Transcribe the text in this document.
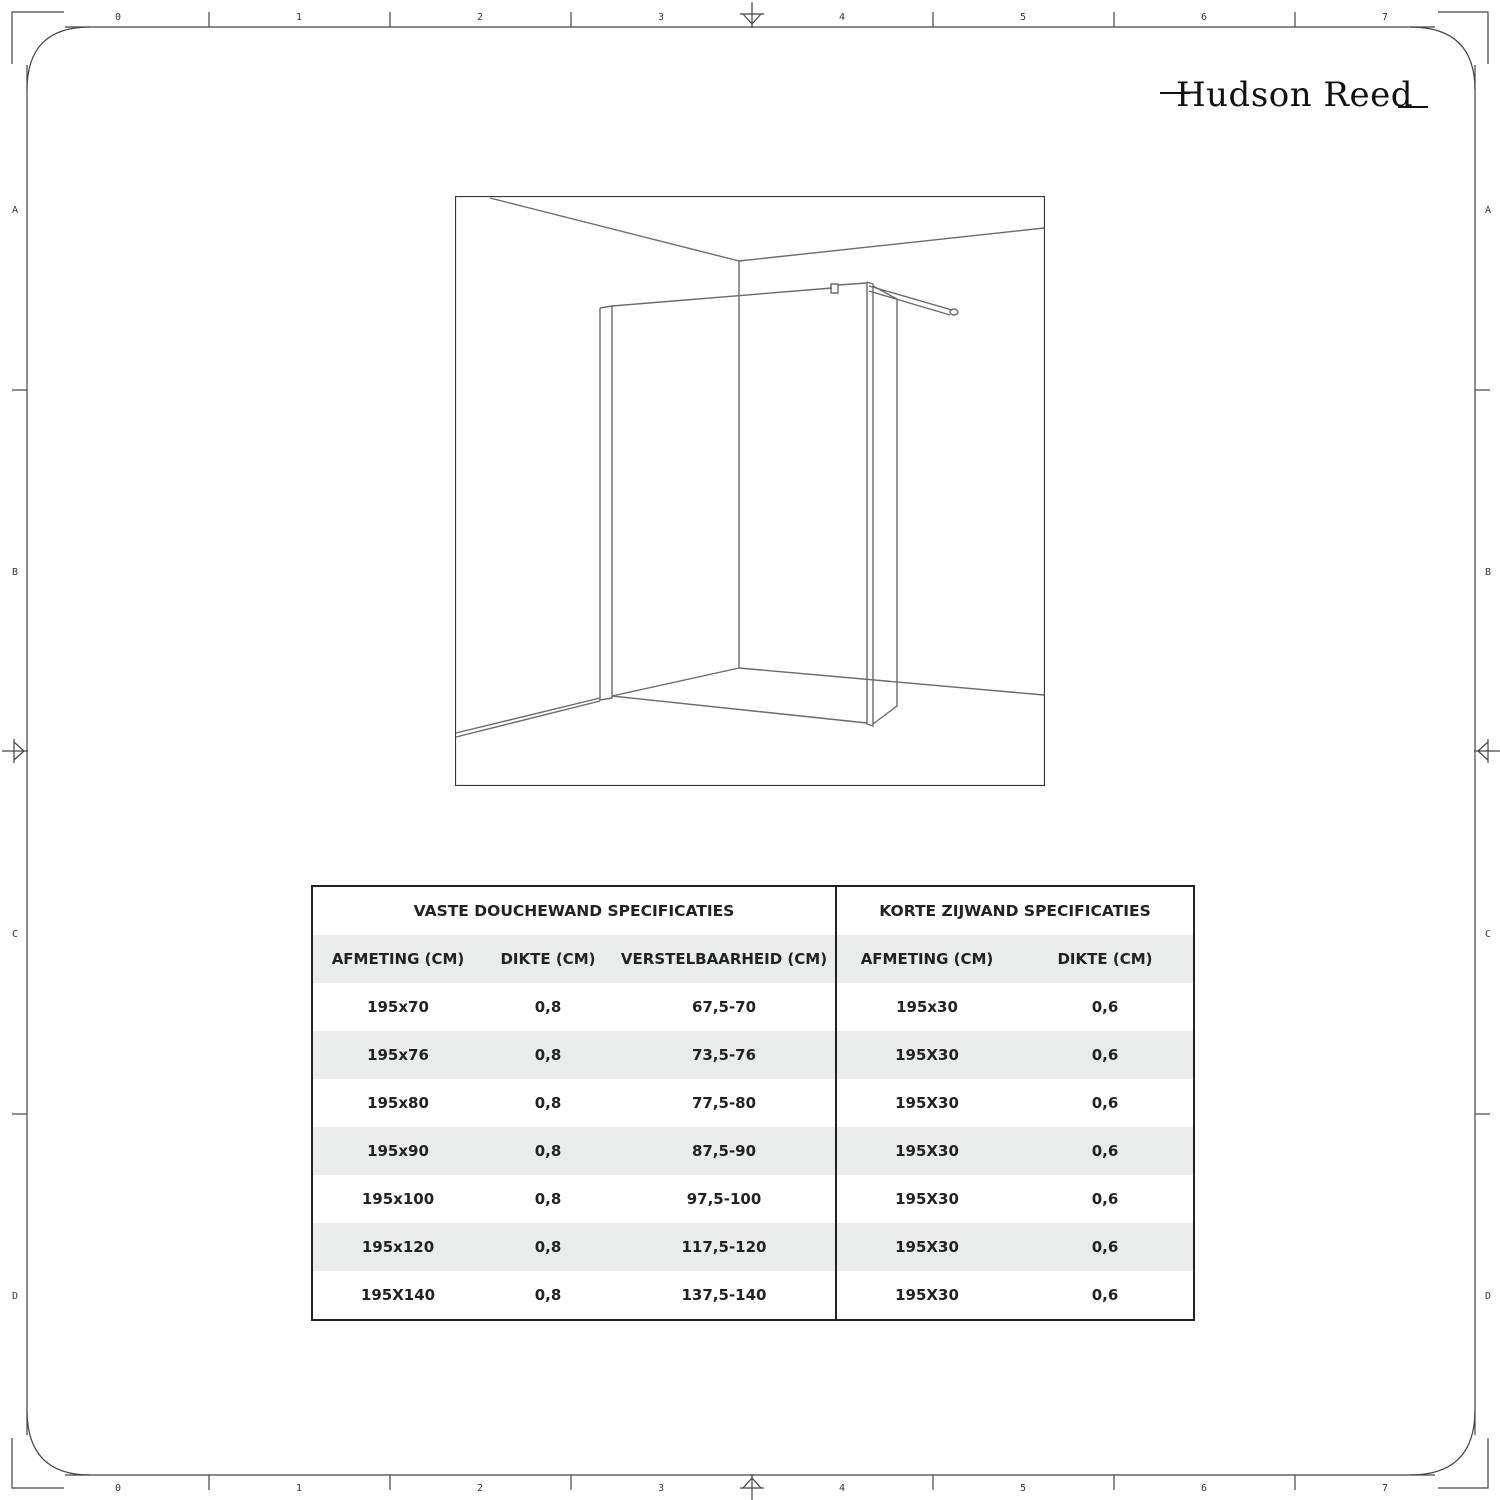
0	1	2	3	4	5	6	7
0	1	2	3	4	5	6	7
A
B
C
D
A
B
C
D
Hudson Reed
VASTE DOUCHEWAND SPECIFICATIES			KORTE ZIJWAND SPECIFICATIES	
AFMETING (CM)	DIKTE (CM)	VERSTELBAARHEID (CM)	AFMETING (CM)	DIKTE (CM)
195x70	0,8	67,5-70	195x30	0,6
195x76	0,8	73,5-76	195X30	0,6
195x80	0,8	77,5-80	195X30	0,6
195x90	0,8	87,5-90	195X30	0,6
195x100	0,8	97,5-100	195X30	0,6
195x120	0,8	117,5-120	195X30	0,6
195X140	0,8	137,5-140	195X30	0,6
